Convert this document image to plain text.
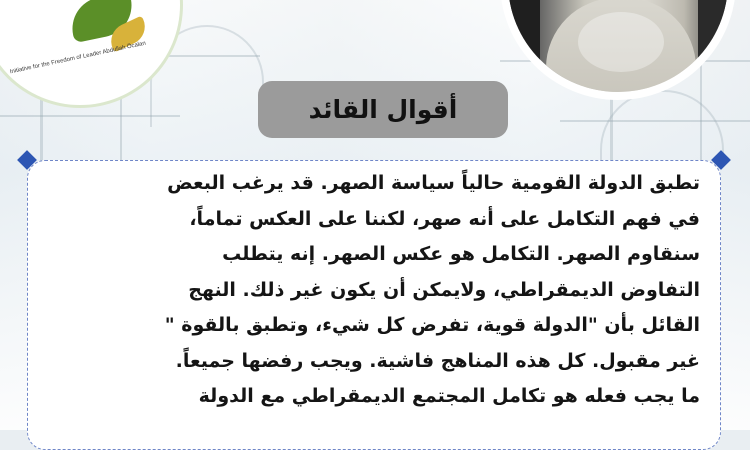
Initiative for the Freedom of Leader Abdullah Öcalan
أقوال القائد
تطبق الدولة القومية حالياً سياسة الصهر. قد يرغب البعض
في فهم التكامل على أنه صهر، لكننا على العكس تماماً،
سنقاوم الصهر. التكامل هو عكس الصهر. إنه يتطلب
التفاوض الديمقراطي، ولايمكن أن يكون غير ذلك. النهج
القائل بأن "الدولة قوية، تفرض كل شيء، وتطبق بالقوة "
غير مقبول. كل هذه المناهج فاشية. ويجب رفضها جميعاً.
ما يجب فعله هو تكامل المجتمع الديمقراطي مع الدولة
